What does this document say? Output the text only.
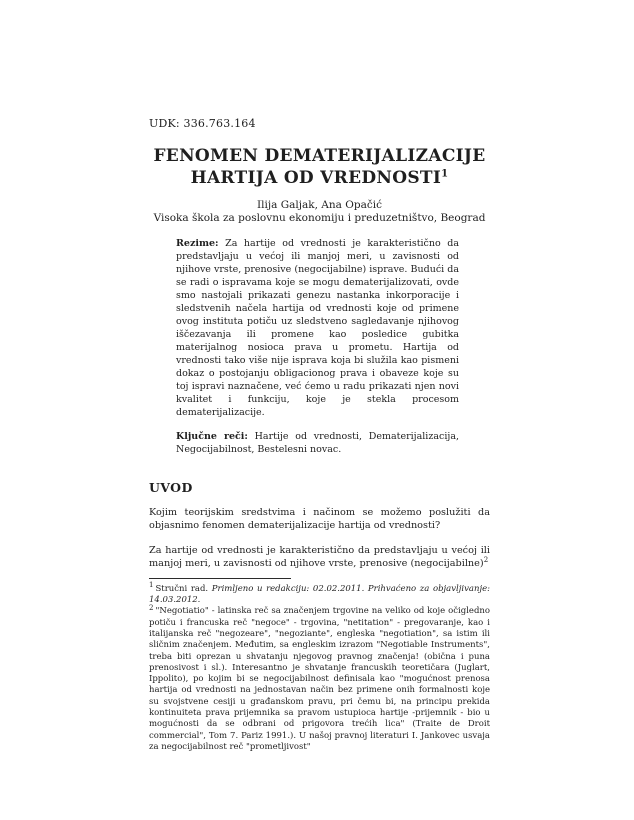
UDK: 336.763.164
FENOMEN DEMATERIJALIZACIJE
HARTIJA OD VREDNOSTI$^1$
Ilija Galjak, Ana Opačić
Visoka škola za poslovnu ekonomiju i preduzetništvo, Beograd

Rezime: Za hartije od vrednosti je karakteristično da predstavljaju u većoj ili manjoj meri, u zavisnosti od njihove vrste, prenosive (negocijabilne) isprave. Budući da se radi o ispravama koje se mogu dematerijalizovati, ovde smo nastojali prikazati genezu nastanka inkorporacije i sledstvenih načela hartija od vrednosti koje od primene ovog instituta potiču uz sledstveno sagledavanje njihovog iščezavanja ili promene kao posledice gubitka materijalnog nosioca prava u prometu. Hartija od vrednosti tako više nije isprava koja bi služila kao pismeni dokaz o postojanju obligacionog prava i obaveze koje su toj ispravi naznačene, već ćemo u radu prikazati njen novi kvalitet i funkciju, koje je stekla procesom dematerijalizacije.

Ključne reči: Hartije od vrednosti, Dematerijalizacija, Negocijabilnost, Bestelesni novac.

UVOD

Kojim teorijskim sredstvima i načinom se možemo poslužiti da objasnimo fenomen dematerijalizacije hartija od vrednosti?

Za hartije od vrednosti je karakteristično da predstavljaju u većoj ili manjoj meri, u zavisnosti od njihove vrste, prenosive (negocijabilne)$^2$

$^1$ Stručni rad. Primljeno u redakciju: 02.02.2011. Prihvaćeno za objavljivanje: 14.03.2012.

$^2$ "Negotiatio" - latinska reč sa značenjem trgovine na veliko od koje očigledno potiču i francuska reč "negoce" - trgovina, "netitation" - pregovaranje, kao i italijanska reč "negozeare", "negoziante", engleska "negotiation", sa istim ili sličnim značenjem. Međutim, sa engleskim izrazom "Negotiable Instruments", treba biti oprezan u shvatanju njegovog pravnog značenja! (obična i puna prenosivost i sl.). Interesantno je shvatanje francuskih teoretičara (Juglart, Ippolito), po kojim bi se negocijabilnost definisala kao "mogućnost prenosa hartija od vrednosti na jednostavan način bez primene onih formalnosti koje su svojstvene cesiji u građanskom pravu, pri čemu bi, na principu prekida kontinuiteta prava prijemnika sa pravom ustupioca hartije -prijemnik - bio u mogućnosti da se odbrani od prigovora trećih lica" (Traite de Droit commercial", Tom 7. Pariz 1991.). U našoj pravnoj literaturi I. Jankovec usvaja za negocijabilnost reč "prometljivost"
